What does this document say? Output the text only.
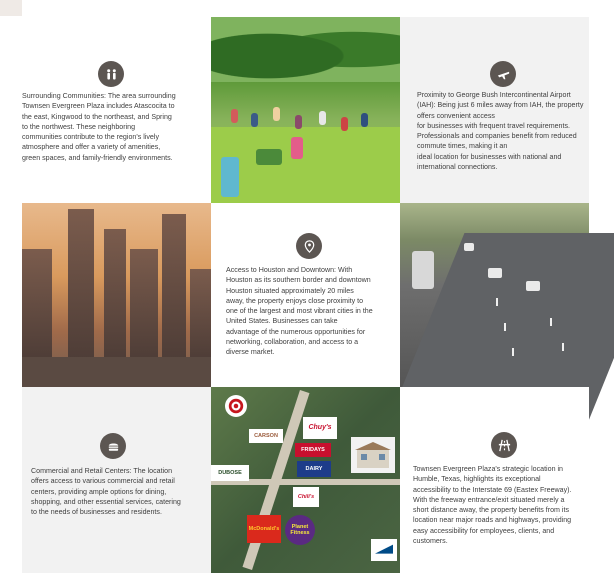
Surrounding Communities: The area surrounding
Townsen Evergreen Plaza includes Atascocita to
the east, Kingwood to the northeast, and Spring
to the northwest. These neighboring
communities contribute to the region's lively
atmosphere and offer a variety of amenities,
green spaces, and family-friendly environments.
Proximity to George Bush Intercontinental Airport
(IAH): Being just 6 miles away from IAH, the property
offers convenient access
for businesses with frequent travel requirements.
Professionals and companies benefit from reduced
commute times, making it an
ideal location for businesses with national and
international connections.
Access to Houston and Downtown: With
Houston as its southern border and downtown
Houston situated approximately 20 miles
away, the property enjoys close proximity to
one of the largest and most vibrant cities in the
United States. Businesses can take
advantage of the numerous opportunities for
networking, collaboration, and access to a
diverse market.
Commercial and Retail Centers: The location
offers access to various commercial and retail
centers, providing ample options for dining,
shopping, and other essential services, catering
to the needs of businesses and residents.
CARSON
Chuy's
FRIDAYS
DUBOSE
DAIRY
Chili's
McDonald's	Planet Fitness
Townsen Evergreen Plaza's strategic location in
Humble, Texas, highlights its exceptional
accessibility to the Interstate 69 (Eastex Freeway).
With the freeway entrance/exit situated merely a
short distance away, the property benefits from its
location near major roads and highways, providing
easy accessibility for employees, clients, and
customers.
